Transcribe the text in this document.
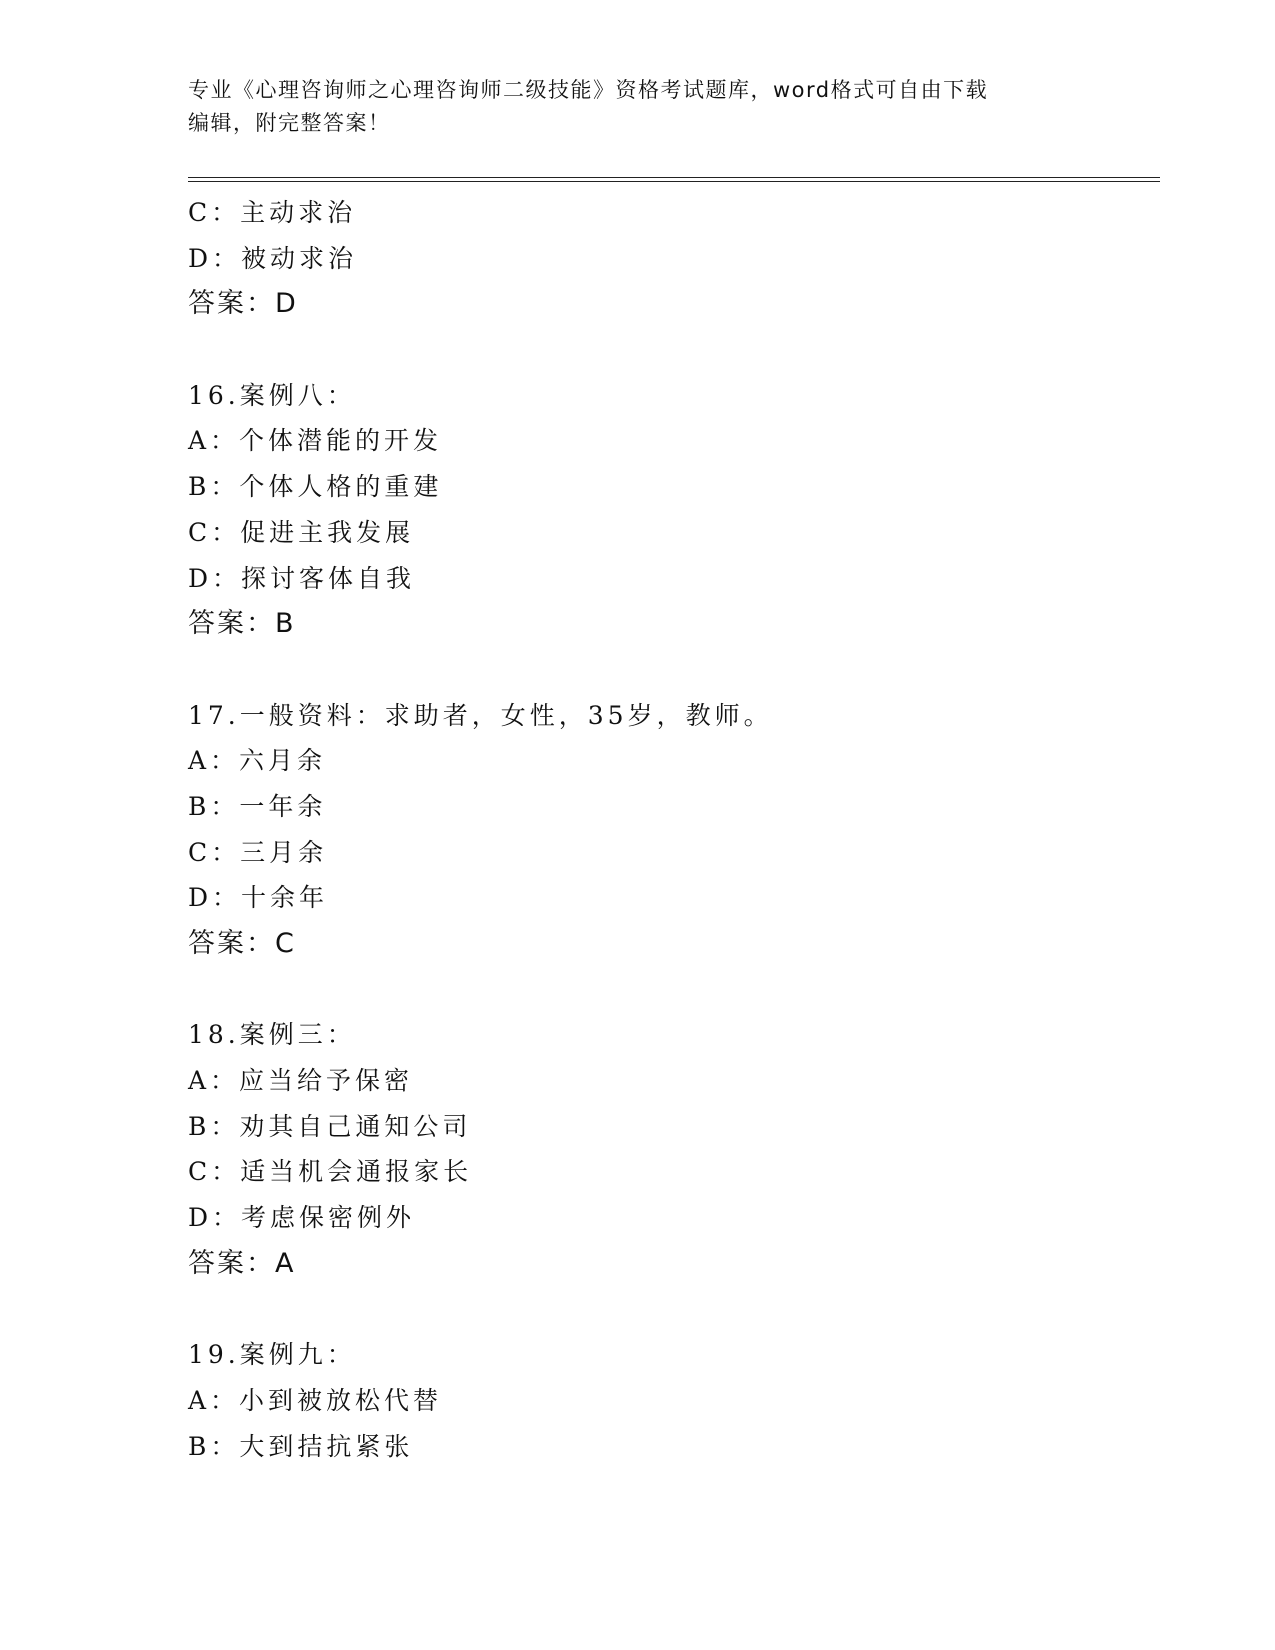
专业《心理咨询师之心理咨询师二级技能》资格考试题库，word格式可自由下载
编辑，附完整答案！
C：主动求治
D：被动求治
答案：D
16.案例八：
A：个体潜能的开发
B：个体人格的重建
C：促进主我发展
D：探讨客体自我
答案：B
17.一般资料：求助者，女性，35岁，教师。
A：六月余
B：一年余
C：三月余
D：十余年
答案：C
18.案例三：
A：应当给予保密
B：劝其自己通知公司
C：适当机会通报家长
D：考虑保密例外
答案：A
19.案例九：
A：小到被放松代替
B：大到拮抗紧张
